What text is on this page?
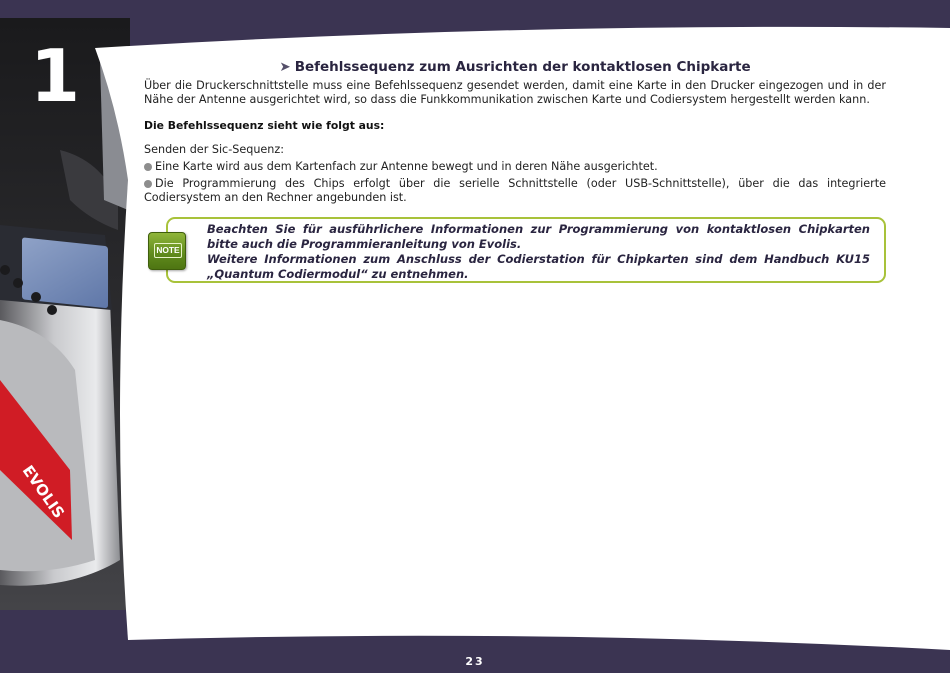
EVOLIS
1	➤ Befehlssequenz zum Ausrichten der kontaktlosen Chipkarte

Über die Druckerschnittstelle muss eine Befehlssequenz gesendet werden, damit eine Karte in den Drucker eingezogen und in der Nähe der Antenne ausgerichtet wird, so dass die Funkkommunikation zwischen Karte und Codiersystem hergestellt werden kann.

Die Befehlssequenz sieht wie folgt aus:

Senden der Sic-Sequenz:

Eine Karte wird aus dem Kartenfach zur Antenne bewegt und in deren Nähe ausgerichtet.

Die Programmierung des Chips erfolgt über die serielle Schnittstelle (oder USB-Schnittstelle), über die das integrierte Codiersystem an den Rechner angebunden ist.

NOTE
Beachten Sie für ausführlichere Informationen zur Programmierung von kontaktlosen Chipkarten bitte auch die Programmieranleitung von Evolis.
Weitere Informationen zum Anschluss der Codierstation für Chipkarten sind dem Handbuch KU15 „Quantum Codiermodul“ zu entnehmen.
23
